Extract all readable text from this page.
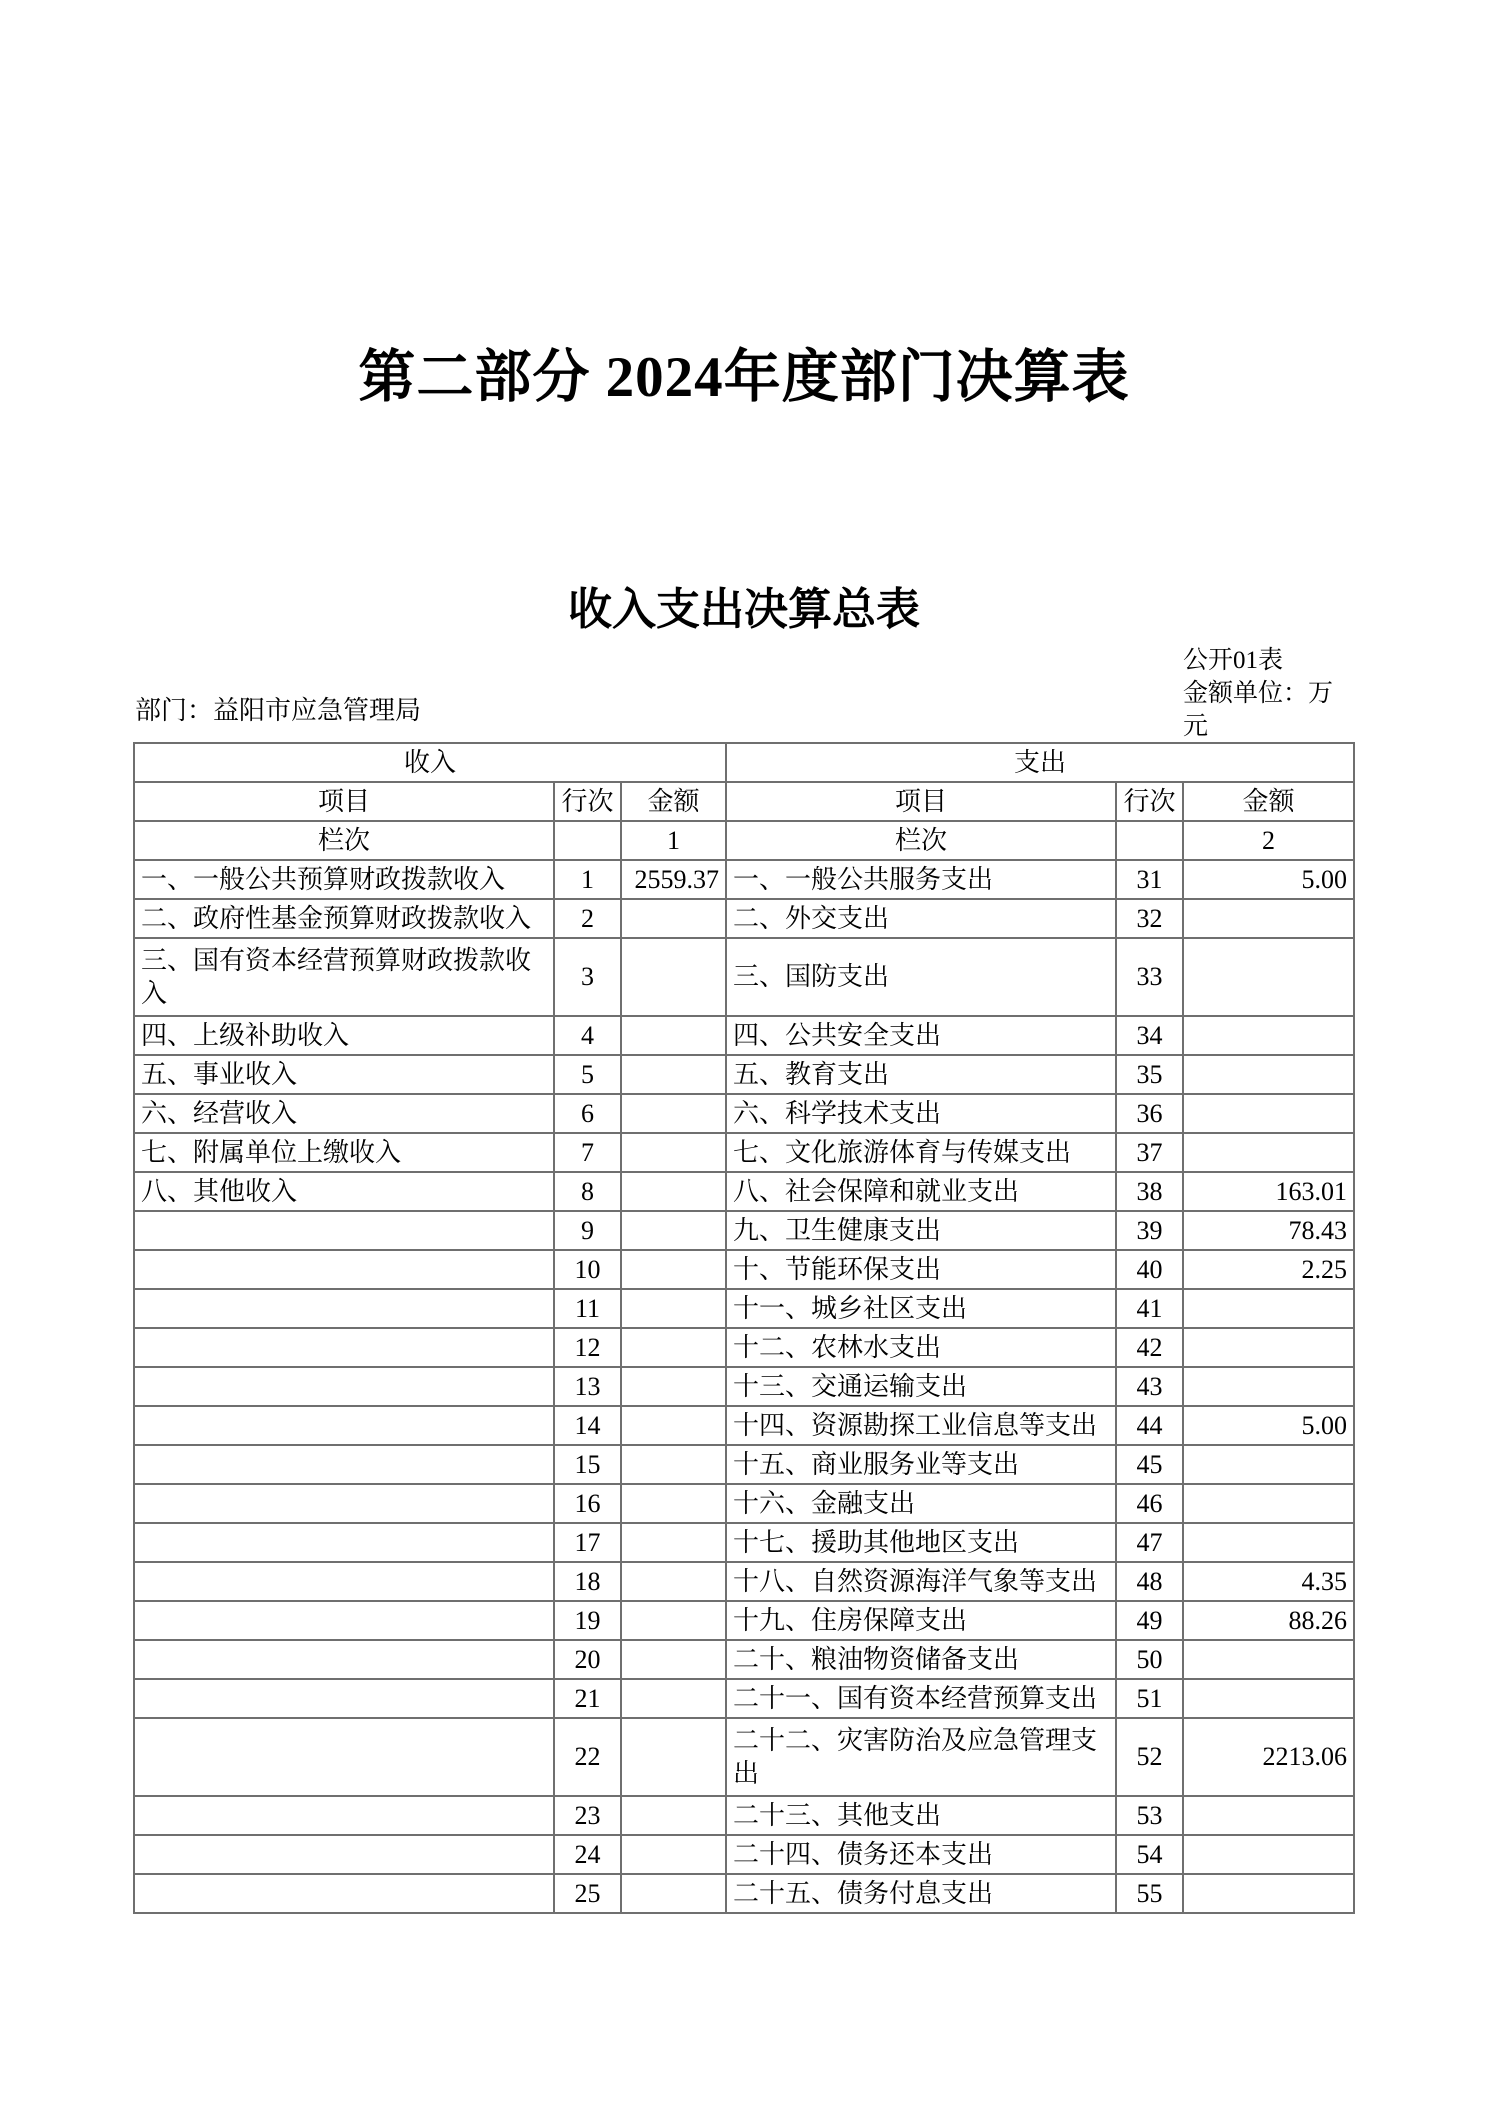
第二部分 2024年度部门决算表
收入支出决算总表
公开01表
金额单位：万元
部门：益阳市应急管理局
收入			支出		
项目	行次	金额	项目	行次	金额
栏次		1	栏次		2
一、一般公共预算财政拨款收入	1	2559.37	一、一般公共服务支出	31	5.00
二、政府性基金预算财政拨款收入	2		二、外交支出	32	
三、国有资本经营预算财政拨款收入	3		三、国防支出	33	
四、上级补助收入	4		四、公共安全支出	34	
五、事业收入	5		五、教育支出	35	
六、经营收入	6		六、科学技术支出	36	
七、附属单位上缴收入	7		七、文化旅游体育与传媒支出	37	
八、其他收入	8		八、社会保障和就业支出	38	163.01
	9		九、卫生健康支出	39	78.43
	10		十、节能环保支出	40	2.25
	11		十一、城乡社区支出	41	
	12		十二、农林水支出	42	
	13		十三、交通运输支出	43	
	14		十四、资源勘探工业信息等支出	44	5.00
	15		十五、商业服务业等支出	45	
	16		十六、金融支出	46	
	17		十七、援助其他地区支出	47	
	18		十八、自然资源海洋气象等支出	48	4.35
	19		十九、住房保障支出	49	88.26
	20		二十、粮油物资储备支出	50	
	21		二十一、国有资本经营预算支出	51	
	22		二十二、灾害防治及应急管理支出	52	2213.06
	23		二十三、其他支出	53	
	24		二十四、债务还本支出	54	
	25		二十五、债务付息支出	55	
